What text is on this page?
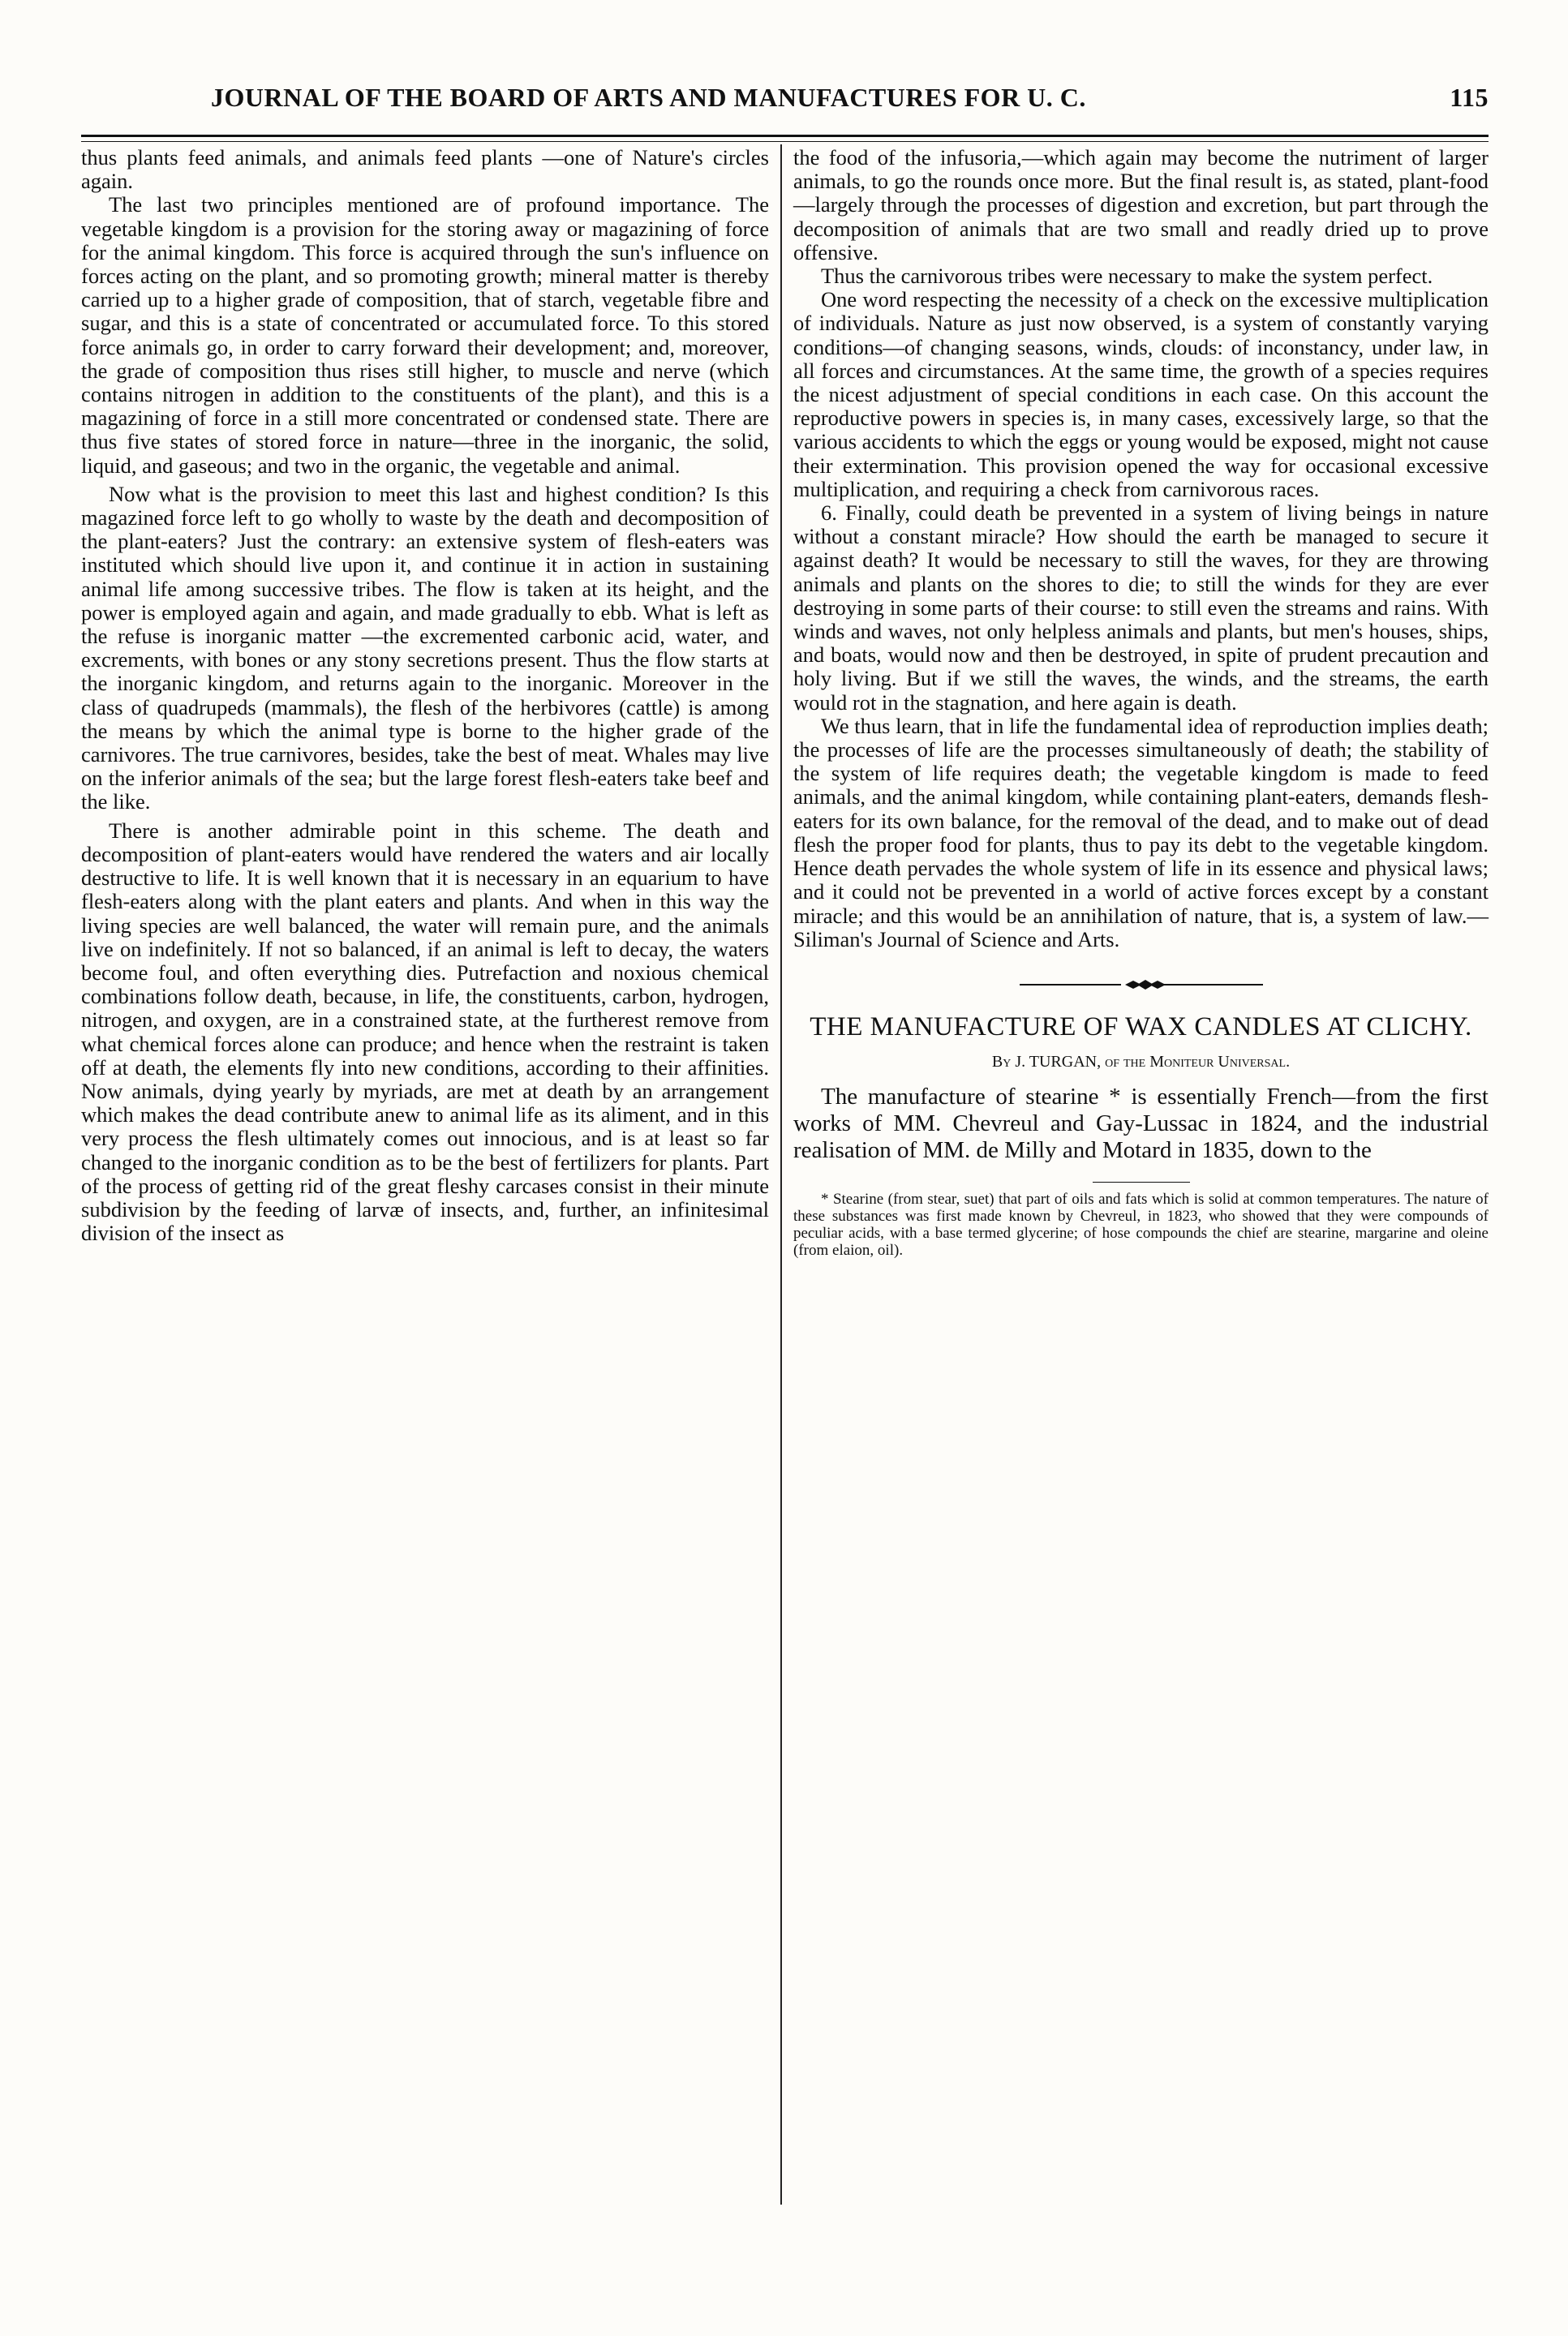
JOURNAL OF THE BOARD OF ARTS AND MANUFACTURES FOR U. C.	115

thus plants feed animals, and animals feed plants —one of Nature's circles again.

The last two principles mentioned are of profound importance. The vegetable kingdom is a provision for the storing away or magazining of force for the animal kingdom. This force is acquired through the sun's influence on forces acting on the plant, and so promoting growth; mineral matter is thereby carried up to a higher grade of composition, that of starch, vegetable fibre and sugar, and this is a state of concentrated or accumulated force. To this stored force animals go, in order to carry forward their development; and, moreover, the grade of composition thus rises still higher, to muscle and nerve (which contains nitrogen in addition to the constituents of the plant), and this is a magazining of force in a still more concentrated or condensed state. There are thus five states of stored force in nature—three in the inorganic, the solid, liquid, and gaseous; and two in the organic, the vegetable and animal.

Now what is the provision to meet this last and highest condition? Is this magazined force left to go wholly to waste by the death and decomposition of the plant-eaters? Just the contrary: an extensive system of flesh-eaters was instituted which should live upon it, and continue it in action in sustaining animal life among successive tribes. The flow is taken at its height, and the power is employed again and again, and made gradually to ebb. What is left as the refuse is inorganic matter —the excremented carbonic acid, water, and excrements, with bones or any stony secretions present. Thus the flow starts at the inorganic kingdom, and returns again to the inorganic. Moreover in the class of quadrupeds (mammals), the flesh of the herbivores (cattle) is among the means by which the animal type is borne to the higher grade of the carnivores. The true carnivores, besides, take the best of meat. Whales may live on the inferior animals of the sea; but the large forest flesh-eaters take beef and the like.

There is another admirable point in this scheme. The death and decomposition of plant-eaters would have rendered the waters and air locally destructive to life. It is well known that it is necessary in an equarium to have flesh-eaters along with the plant eaters and plants. And when in this way the living species are well balanced, the water will remain pure, and the animals live on indefinitely. If not so balanced, if an animal is left to decay, the waters become foul, and often everything dies. Putrefaction and noxious chemical combinations follow death, because, in life, the constituents, carbon, hydrogen, nitrogen, and oxygen, are in a constrained state, at the furtherest remove from what chemical forces alone can produce; and hence when the restraint is taken off at death, the elements fly into new conditions, according to their affinities. Now animals, dying yearly by myriads, are met at death by an arrangement which makes the dead contribute anew to animal life as its aliment, and in this very process the flesh ultimately comes out innocious, and is at least so far changed to the inorganic condition as to be the best of fertilizers for plants. Part of the process of getting rid of the great fleshy carcases consist in their minute subdivision by the feeding of larvæ of insects, and, further, an infinitesimal division of the insect as

the food of the infusoria,—which again may become the nutriment of larger animals, to go the rounds once more. But the final result is, as stated, plant-food—largely through the processes of digestion and excretion, but part through the decomposition of animals that are two small and readly dried up to prove offensive.

Thus the carnivorous tribes were necessary to make the system perfect.

One word respecting the necessity of a check on the excessive multiplication of individuals. Nature as just now observed, is a system of constantly varying conditions—of changing seasons, winds, clouds: of inconstancy, under law, in all forces and circumstances. At the same time, the growth of a species requires the nicest adjustment of special conditions in each case. On this account the reproductive powers in species is, in many cases, excessively large, so that the various accidents to which the eggs or young would be exposed, might not cause their extermination. This provision opened the way for occasional excessive multiplication, and requiring a check from carnivorous races.

6. Finally, could death be prevented in a system of living beings in nature without a constant miracle? How should the earth be managed to secure it against death? It would be necessary to still the waves, for they are throwing animals and plants on the shores to die; to still the winds for they are ever destroying in some parts of their course: to still even the streams and rains. With winds and waves, not only helpless animals and plants, but men's houses, ships, and boats, would now and then be destroyed, in spite of prudent precaution and holy living. But if we still the waves, the winds, and the streams, the earth would rot in the stagnation, and here again is death.

We thus learn, that in life the fundamental idea of reproduction implies death; the processes of life are the processes simultaneously of death; the stability of the system of life requires death; the vegetable kingdom is made to feed animals, and the animal kingdom, while containing plant-eaters, demands flesh-eaters for its own balance, for the removal of the dead, and to make out of dead flesh the proper food for plants, thus to pay its debt to the vegetable kingdom. Hence death pervades the whole system of life in its essence and physical laws; and it could not be prevented in a world of active forces except by a constant miracle; and this would be an annihilation of nature, that is, a system of law.—Siliman's Journal of Science and Arts.

THE MANUFACTURE OF WAX CANDLES AT CLICHY.
By J. TURGAN, of the Moniteur Universal.

The manufacture of stearine * is essentially French—from the first works of MM. Chevreul and Gay-Lussac in 1824, and the industrial realisation of MM. de Milly and Motard in 1835, down to the

* Stearine (from stear, suet) that part of oils and fats which is solid at common temperatures. The nature of these substances was first made known by Chevreul, in 1823, who showed that they were compounds of peculiar acids, with a base termed glycerine; of hose compounds the chief are stearine, margarine and oleine (from elaion, oil).
